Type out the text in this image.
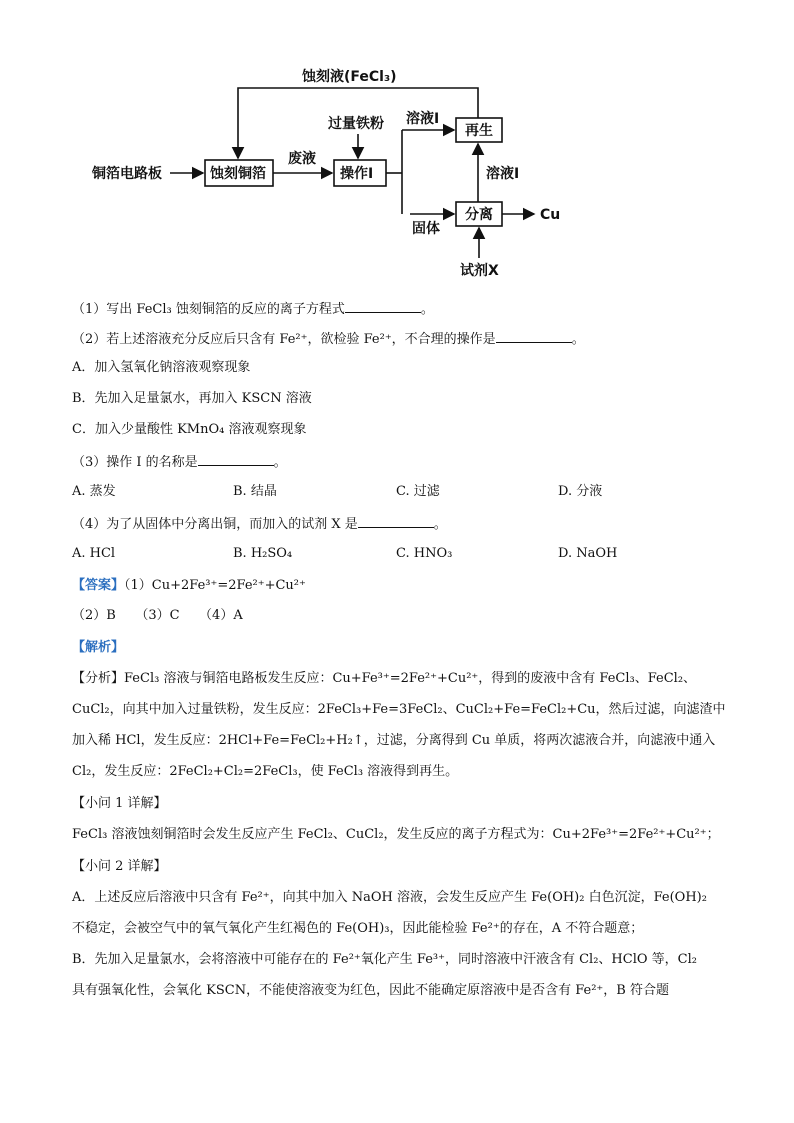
蚀刻液(FeCl₃)
铜箔电路板	蚀刻铜箔
废液
过量铁粉
操作I
溶液I
固体
再生
溶液I
分离	Cu
试剂X
（1）写出 FeCl₃ 蚀刻铜箔的反应的离子方程式	。
（2）若上述溶液充分反应后只含有 Fe²⁺，欲检验 Fe²⁺，不合理的操作是	。
A．加入氢氧化钠溶液观察现象
B．先加入足量氯水，再加入 KSCN 溶液
C．加入少量酸性 KMnO₄ 溶液观察现象
（3）操作 I 的名称是	。
A. 蒸发	B. 结晶	C. 过滤	D. 分液
（4）为了从固体中分离出铜，而加入的试剂 X 是	。
A. HCl	B. H₂SO₄	C. HNO₃	D. NaOH
【答案】（1）Cu+2Fe³⁺=2Fe²⁺+Cu²⁺
（2）B　　（3）C　　（4）A
【解析】
【分析】FeCl₃ 溶液与铜箔电路板发生反应：Cu+Fe³⁺=2Fe²⁺+Cu²⁺，得到的废液中含有 FeCl₃、FeCl₂、
CuCl₂，向其中加入过量铁粉，发生反应：2FeCl₃+Fe=3FeCl₂、CuCl₂+Fe=FeCl₂+Cu，然后过滤，向滤渣中
加入稀 HCl，发生反应：2HCl+Fe=FeCl₂+H₂↑，过滤，分离得到 Cu 单质，将两次滤液合并，向滤液中通入
Cl₂，发生反应：2FeCl₂+Cl₂=2FeCl₃，使 FeCl₃ 溶液得到再生。
【小问 1 详解】
FeCl₃ 溶液蚀刻铜箔时会发生反应产生 FeCl₂、CuCl₂，发生反应的离子方程式为：Cu+2Fe³⁺=2Fe²⁺+Cu²⁺；
【小问 2 详解】
A．上述反应后溶液中只含有 Fe²⁺，向其中加入 NaOH 溶液，会发生反应产生 Fe(OH)₂ 白色沉淀，Fe(OH)₂
不稳定，会被空气中的氧气氧化产生红褐色的 Fe(OH)₃，因此能检验 Fe²⁺的存在，A 不符合题意；
B．先加入足量氯水，会将溶液中可能存在的 Fe²⁺氧化产生 Fe³⁺，同时溶液中汗液含有 Cl₂、HClO 等，Cl₂
具有强氧化性，会氧化 KSCN，不能使溶液变为红色，因此不能确定原溶液中是否含有 Fe²⁺，B 符合题
